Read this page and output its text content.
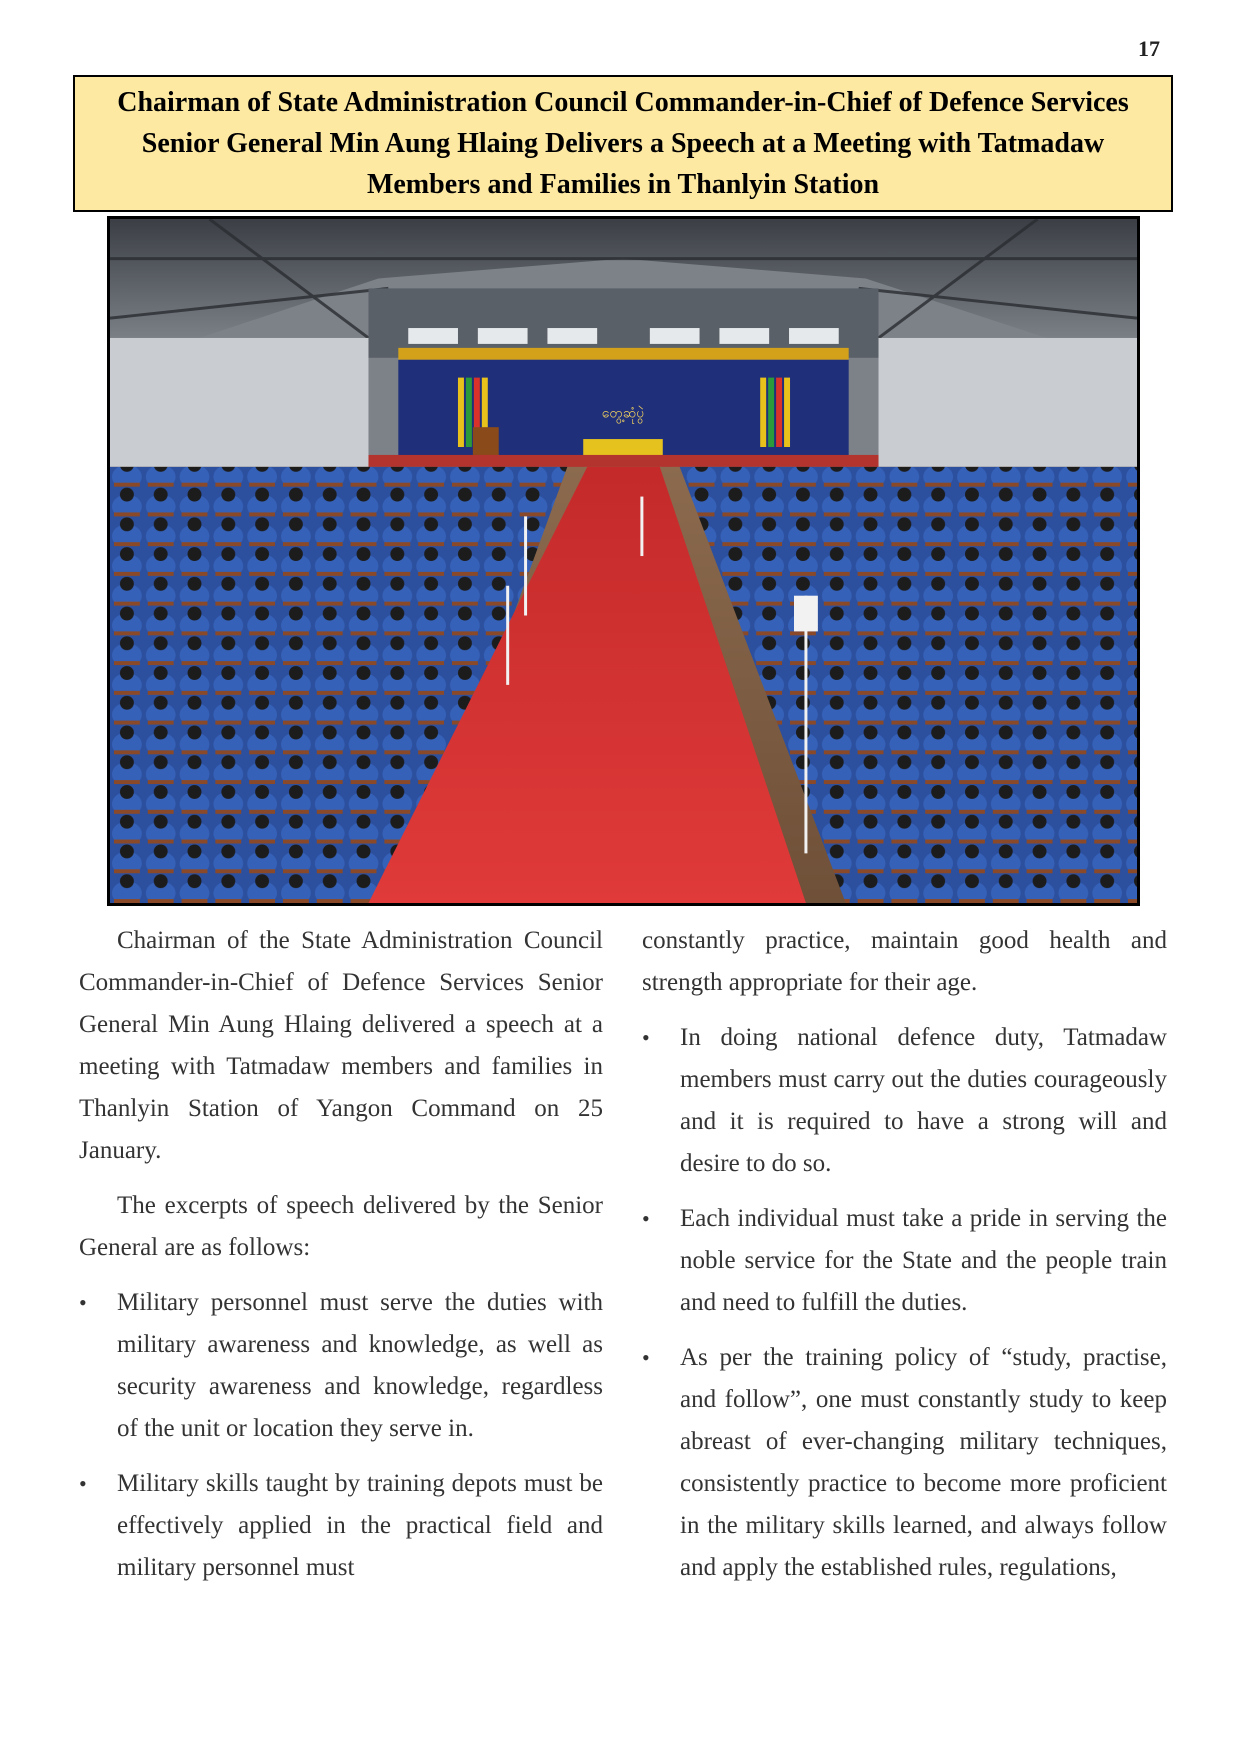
17
Chairman of State Administration Council Commander-in-Chief of Defence Services Senior General Min Aung Hlaing Delivers a Speech at a Meeting with Tatmadaw Members and Families in Thanlyin Station
တွေ့ဆုံပွဲ

Chairman of the State Administration Council Commander-in-Chief of Defence Services Senior General Min Aung Hlaing delivered a speech at a meeting with Tatmadaw members and families in Thanlyin Station of Yangon Command on 25 January.

The excerpts of speech delivered by the Senior General are as follows:

• Military personnel must serve the duties with military awareness and knowledge, as well as security awareness and knowledge, regardless of the unit or location they serve in.
• Military skills taught by training depots must be effectively applied in the practical field and military personnel must

constantly practice, maintain good health and strength appropriate for their age.

• In doing national defence duty, Tatmadaw members must carry out the duties courageously and it is required to have a strong will and desire to do so.
• Each individual must take a pride in serving the noble service for the State and the people train and need to fulfill the duties.
• As per the training policy of “study, practise, and follow”, one must constantly study to keep abreast of ever-changing military techniques, consistently practice to become more proficient in the military skills learned, and always follow and apply the established rules, regulations,
